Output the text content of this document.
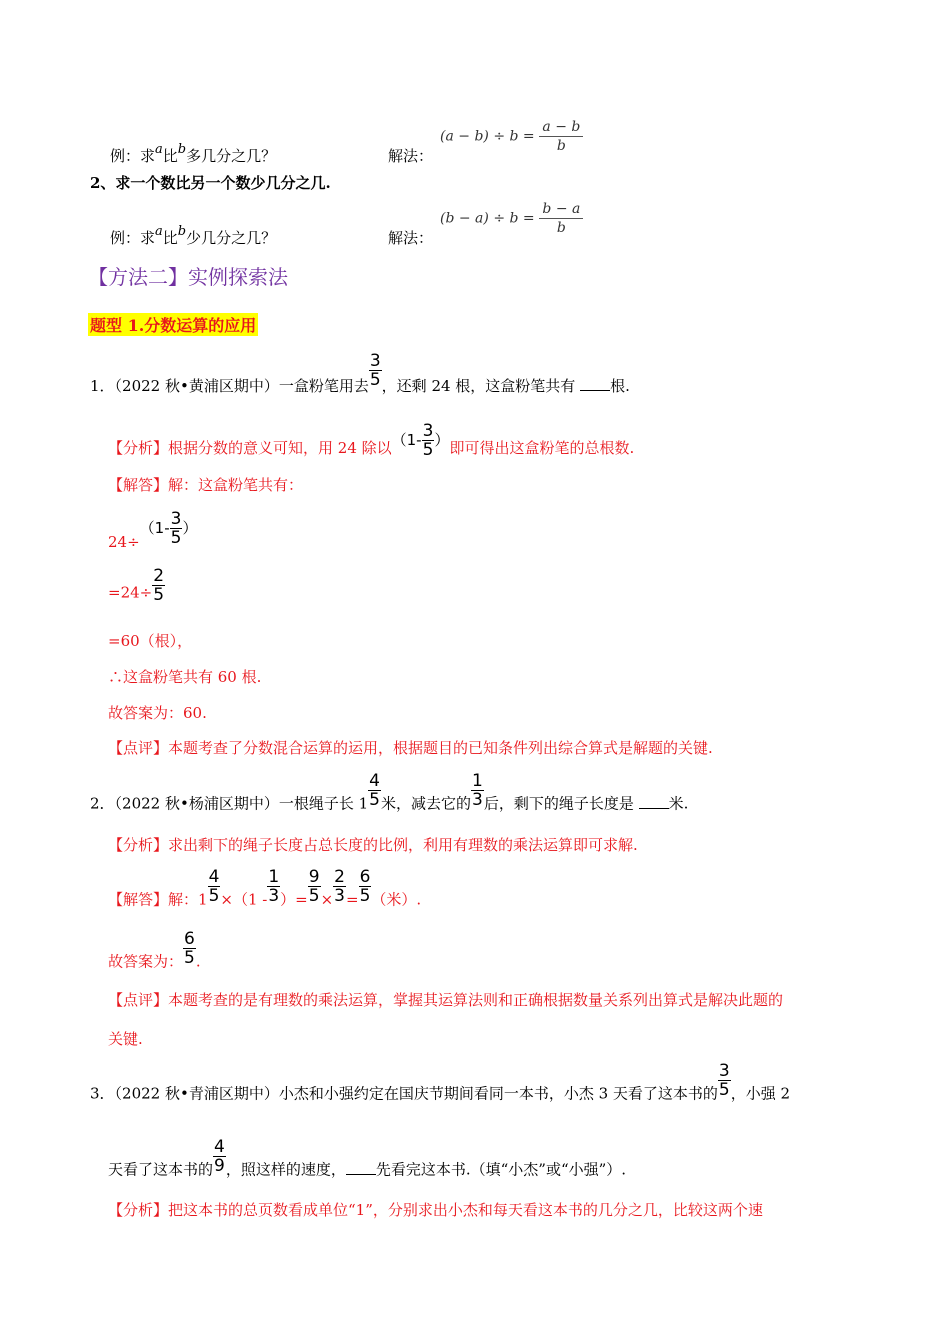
例：求a比b多几分之几？	解法：
$(a - b) \div b = \frac{a - b}{b}$
2、求一个数比另一个数少几分之几.
例：求a比b少几分之几？	解法：
$(b - a) \div b = \frac{b - a}{b}$
【方法二】实例探索法
题型 1.分数运算的应用
1．（2022 秋•黄浦区期中）一盒粉笔用去 $\frac{3}{5}$ ，还剩 24 根，这盒粉笔共有 根.
【分析】根据分数的意义可知，用 24 除以（$1- \frac{3}{5}$ ）即可得出这盒粉笔的总根数.
【解答】解：这盒粉笔共有：
$24\div(1- \frac{3}{5}$ ）
$=24\div \frac{2}{5}$
=60（根），
∴这盒粉笔共有 60 根.
故答案为：60.
【点评】本题考查了分数混合运算的运用，根据题目的已知条件列出综合算式是解题的关键.
2．（2022 秋•杨浦区期中）一根绳子长 $1 \frac{4}{5}$ 米，减去它的 $\frac{1}{3}$ 后，剩下的绳子长度是 米.
【分析】求出剩下的绳子长度占总长度的比例，利用有理数的乘法运算即可求解.
【解答】解：$1 \frac{4}{5} \times(1 - \frac{1}{3}$ ）= $\frac{9}{5} \times \frac{2}{3} = \frac{6}{5}$ （米）.
故答案为： $\frac{6}{5}$ .
【点评】本题考查的是有理数的乘法运算，掌握其运算法则和正确根据数量关系列出算式是解决此题的
关键.
3．（2022 秋•青浦区期中）小杰和小强约定在国庆节期间看同一本书，小杰 3 天看了这本书的 $\frac{3}{5}$ ，小强 2
天看了这本书的 $\frac{4}{9}$ ，照这样的速度， 先看完这本书.（填“小杰”或“小强”）.
【分析】把这本书的总页数看成单位“1”，分别求出小杰和每天看这本书的几分之几，比较这两个速
